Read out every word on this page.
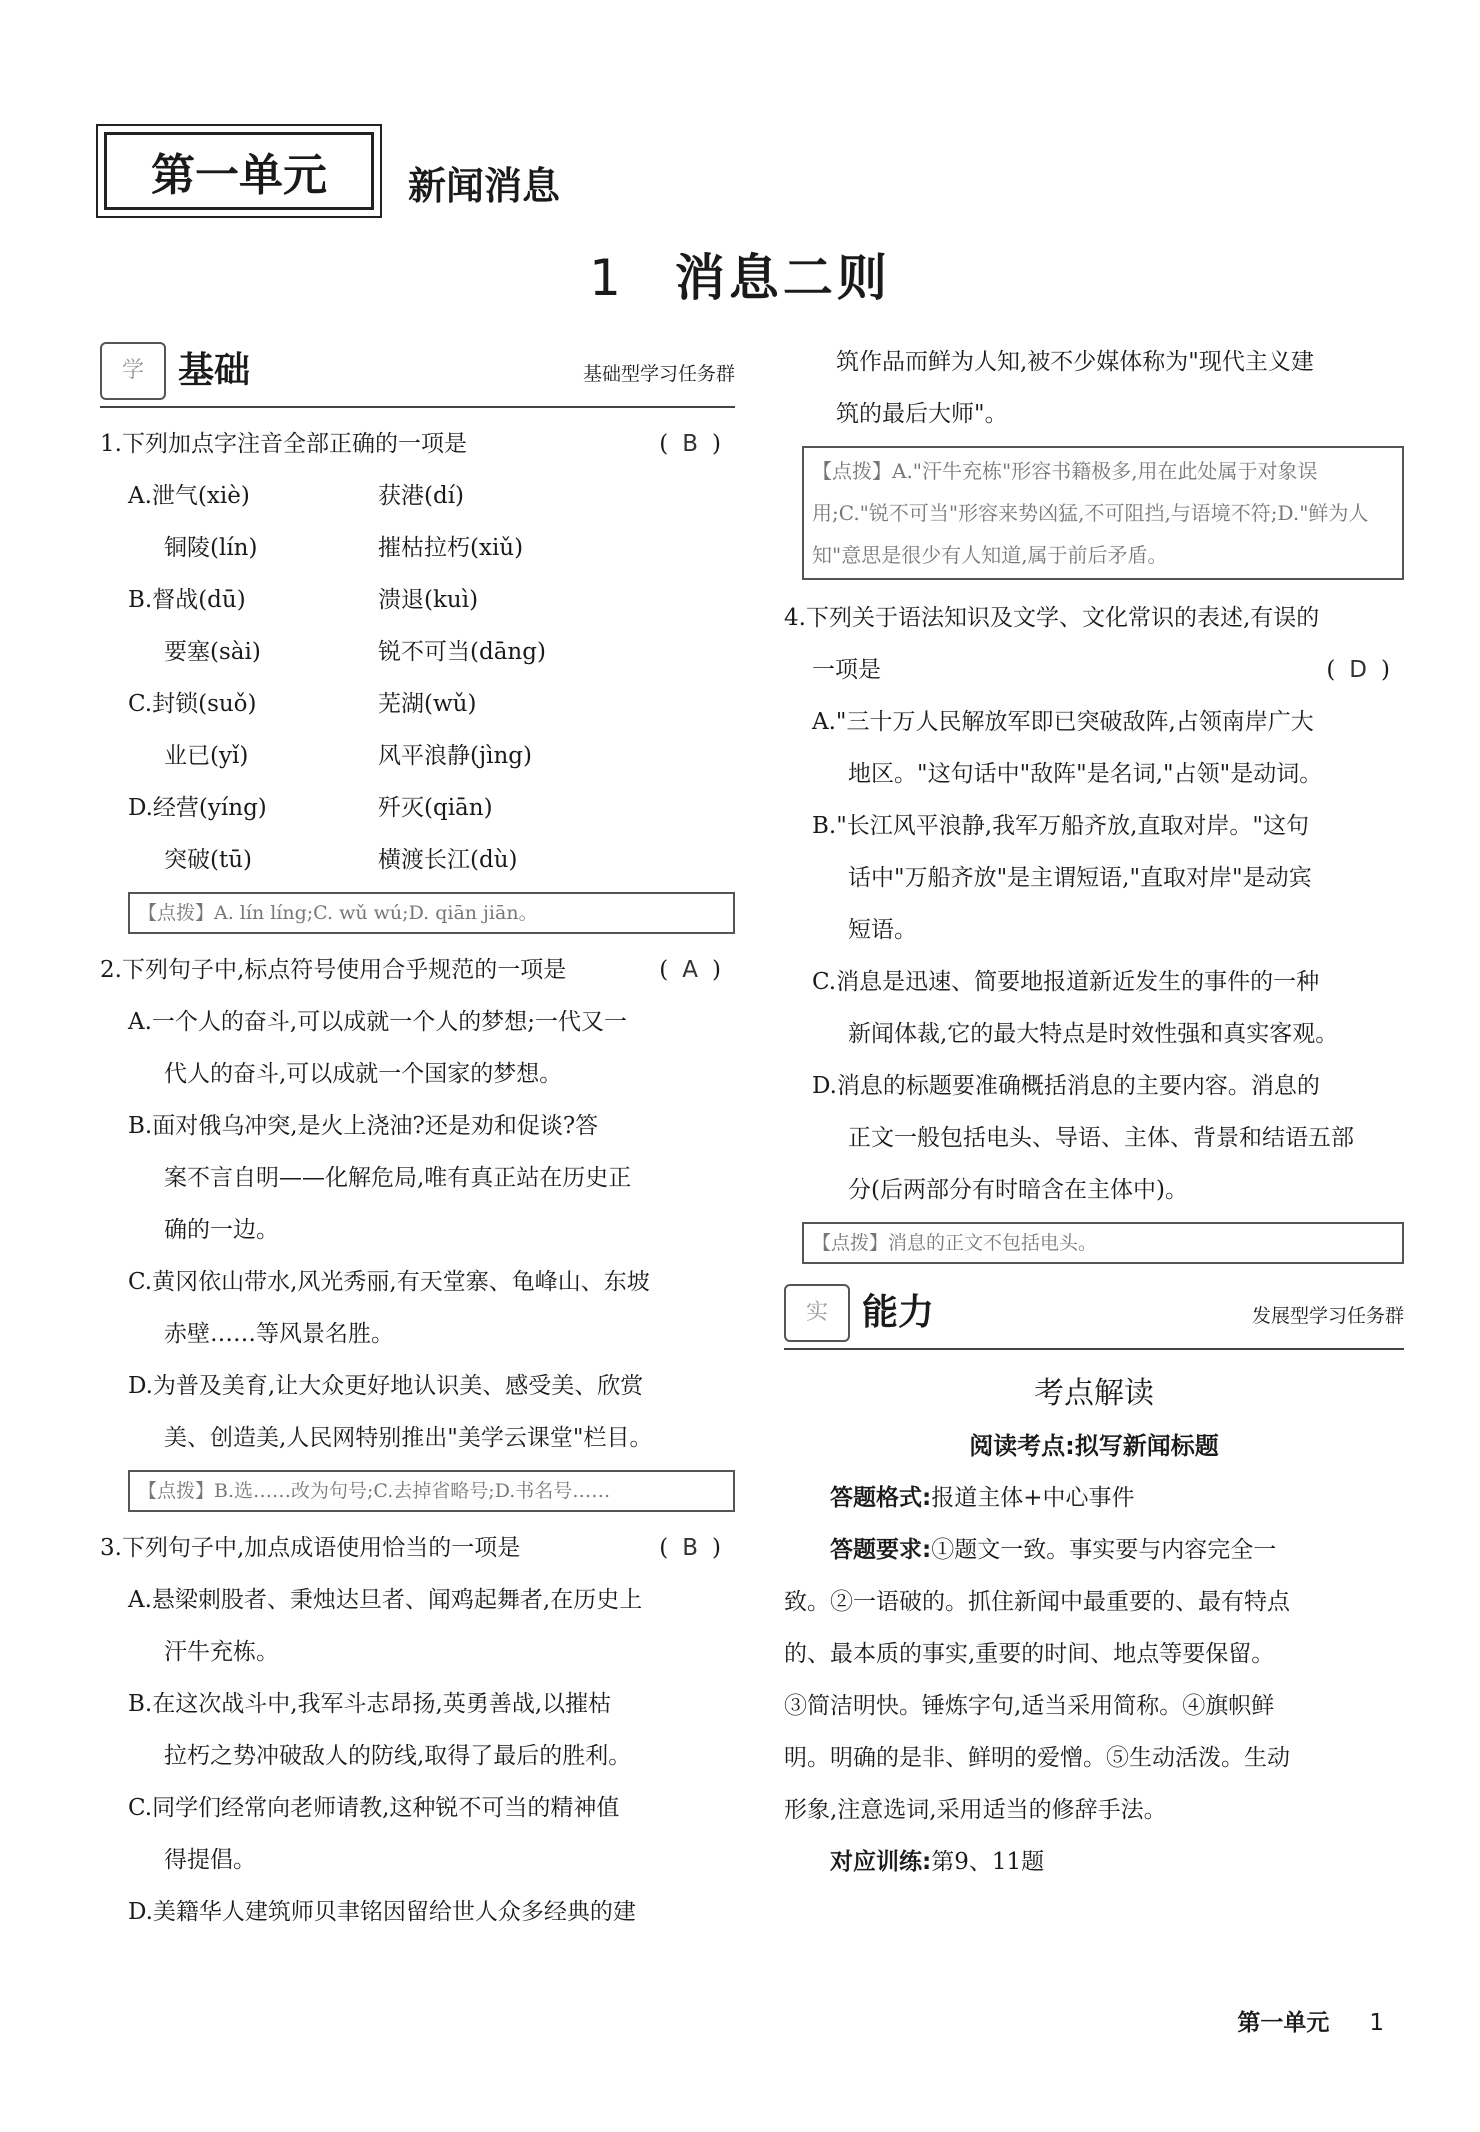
第一单元	新闻消息
1 消息二则
学 基础	基础型学习任务群
1.下列加点字注音全部正确的一项是	(B)
A.泄气(xiè)	获港(dí)
铜陵(lín)	摧枯拉朽(xiǔ)
B.督战(dū)	溃退(kuì)
要塞(sài)	锐不可当(dāng)
C.封锁(suǒ)	芜湖(wǔ)
业已(yǐ)	风平浪静(jìng)
D.经营(yíng)	歼灭(qiān)
突破(tū)	横渡长江(dù)
【点拨】A. lín líng;C. wǔ wú;D. qiān jiān。
2.下列句子中,标点符号使用合乎规范的一项是	(A)
A.一个人的奋斗,可以成就一个人的梦想;一代又一
代人的奋斗,可以成就一个国家的梦想。
B.面对俄乌冲突,是火上浇油?还是劝和促谈?答
案不言自明——化解危局,唯有真正站在历史正
确的一边。
C.黄冈依山带水,风光秀丽,有天堂寨、龟峰山、东坡
赤壁……等风景名胜。
D.为普及美育,让大众更好地认识美、感受美、欣赏
美、创造美,人民网特别推出"美学云课堂"栏目。
【点拨】B.选……改为句号;C.去掉省略号;D.书名号……
3.下列句子中,加点成语使用恰当的一项是	(B)
A.悬梁刺股者、秉烛达旦者、闻鸡起舞者,在历史上
汗牛充栋。
B.在这次战斗中,我军斗志昂扬,英勇善战,以摧枯
拉朽之势冲破敌人的防线,取得了最后的胜利。
C.同学们经常向老师请教,这种锐不可当的精神值
得提倡。
D.美籍华人建筑师贝聿铭因留给世人众多经典的建
筑作品而鲜为人知,被不少媒体称为"现代主义建
筑的最后大师"。
【点拨】A."汗牛充栋"形容书籍极多,用在此处属于对象误用;C."锐不可当"形容来势凶猛,不可阻挡,与语境不符;D."鲜为人知"意思是很少有人知道,属于前后矛盾。
4.下列关于语法知识及文学、文化常识的表述,有误的
一项是	(D)
A."三十万人民解放军即已突破敌阵,占领南岸广大
地区。"这句话中"敌阵"是名词,"占领"是动词。
B."长江风平浪静,我军万船齐放,直取对岸。"这句
话中"万船齐放"是主谓短语,"直取对岸"是动宾
短语。
C.消息是迅速、简要地报道新近发生的事件的一种
新闻体裁,它的最大特点是时效性强和真实客观。
D.消息的标题要准确概括消息的主要内容。消息的
正文一般包括电头、导语、主体、背景和结语五部
分(后两部分有时暗含在主体中)。
【点拨】消息的正文不包括电头。
实 能力	发展型学习任务群
考点解读
阅读考点:拟写新闻标题
答题格式:报道主体+中心事件
答题要求:①题文一致。事实要与内容完全一
致。②一语破的。抓住新闻中最重要的、最有特点
的、最本质的事实,重要的时间、地点等要保留。
③简洁明快。锤炼字句,适当采用简称。④旗帜鲜
明。明确的是非、鲜明的爱憎。⑤生动活泼。生动
形象,注意选词,采用适当的修辞手法。
对应训练:第9、11题
第一单元 1
